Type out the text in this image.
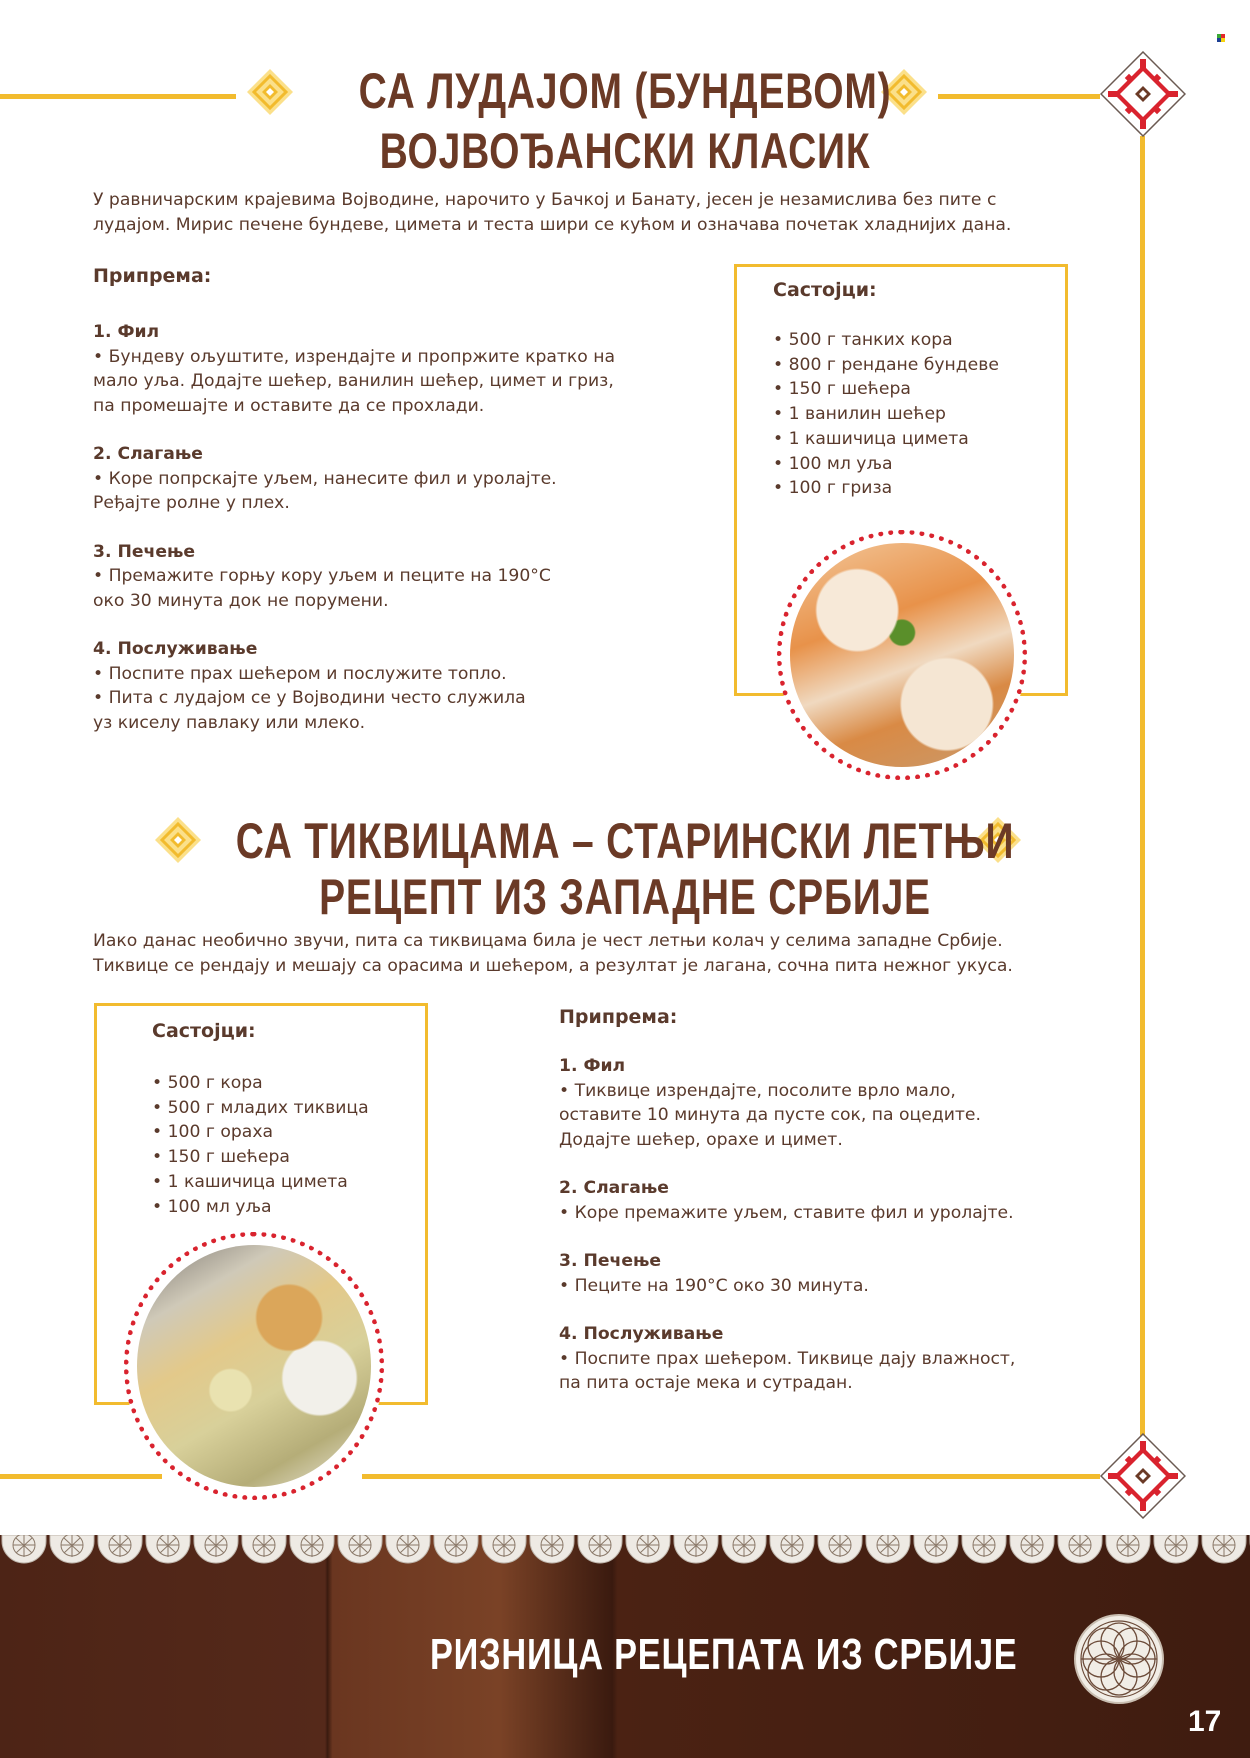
СА ЛУДАЈОМ (БУНДЕВОМ)
ВОЈВОЂАНСКИ КЛАСИК
У равничарским крајевима Војводине, нарочито у Бачкој и Банату, јесен је незамислива без пите с
лудајом. Мирис печене бундеве, цимета и теста шири се кућом и означава почетак хладнијих дана.
Припрема:
1. Фил
• Бундеву oљуштите, изрендајте и пропржите кратко на
мало уља. Додајте шећер, ванилин шећер, цимет и гриз,
па промешајте и оставите да се прохлади.
2. Слагање
• Коре попрскајте уљем, нанесите фил и уролајте.
Ређајте ролне у плех.
3. Печење
• Премажите горњу кору уљем и пеците на 190°C
око 30 минута док не порумени.
4. Послуживање
• Поспите прах шећером и послужите топло.
• Пита с лудајом се у Војводини често служила
уз киселу павлаку или млеко.
Састојци:
• 500 г танких кора
• 800 г рендане бундеве
• 150 г шећера
• 1 ванилин шећер
• 1 кашичица цимета
• 100 мл уља
• 100 г гриза
СА ТИКВИЦАМА – СТАРИНСКИ ЛЕТЊИ
РЕЦЕПТ ИЗ ЗАПАДНЕ СРБИЈЕ
Иако данас необично звучи, пита са тиквицама била је чест летњи колач у селима западне Србије.
Тиквице се рендају и мешају са орасима и шећером, а резултат је лагана, сочна пита нежног укуса.
Састојци:
• 500 г кора
• 500 г младих тиквица
• 100 г ораха
• 150 г шећера
• 1 кашичица цимета
• 100 мл уља
Припрема:
1. Фил
• Тиквице изрендајте, посолите врло мало,
оставите 10 минута да пусте сок, па оцедите.
Додајте шећер, орахе и цимет.
2. Слагање
• Коре премажите уљем, ставите фил и уролајте.
3. Печење
• Пеците на 190°C око 30 минута.
4. Послуживање
• Поспите прах шећером. Тиквице дају влажност,
па пита остаје мека и сутрадан.
РИЗНИЦА РЕЦЕПАТА ИЗ СРБИЈЕ
17
